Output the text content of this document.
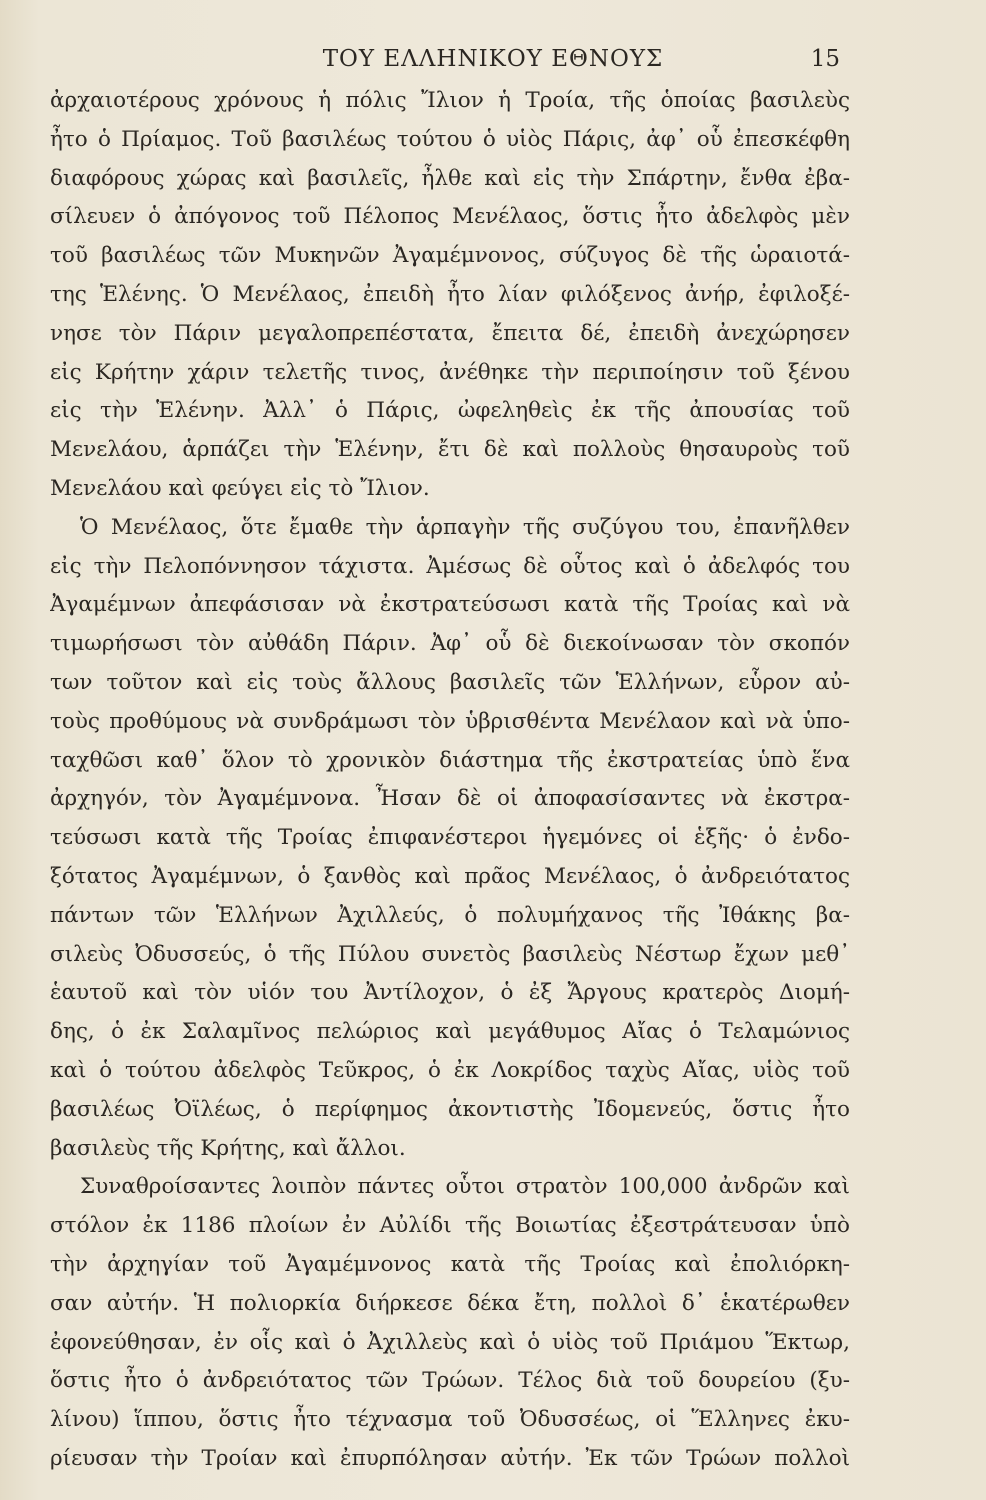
ΤΟΥ ΕΛΛΗΝΙΚΟΥ ΕΘΝΟΥΣ	15
ἀρχαιοτέρους χρόνους ἡ πόλις Ἴλιον ἡ Τροία, τῆς ὁποίας βασιλεὺς
ἦτο ὁ Πρίαμος. Τοῦ βασιλέως τούτου ὁ υἱὸς Πάρις, ἀφ᾽ οὗ ἐπεσκέφθη
διαφόρους χώρας καὶ βασιλεῖς, ἦλθε καὶ εἰς τὴν Σπάρτην, ἔνθα ἐβα-
σίλευεν ὁ ἀπόγονος τοῦ Πέλοπος Μενέλαος, ὅστις ἦτο ἀδελφὸς μὲν
τοῦ βασιλέως τῶν Μυκηνῶν Ἀγαμέμνονος, σύζυγος δὲ τῆς ὡραιοτά-
της Ἑλένης. Ὁ Μενέλαος, ἐπειδὴ ἦτο λίαν φιλόξενος ἀνήρ, ἐφιλοξέ-
νησε τὸν Πάριν μεγαλοπρεπέστατα, ἔπειτα δέ, ἐπειδὴ ἀνεχώρησεν
εἰς Κρήτην χάριν τελετῆς τινος, ἀνέθηκε τὴν περιποίησιν τοῦ ξένου
εἰς τὴν Ἑλένην. Ἀλλ᾽ ὁ Πάρις, ὠφεληθεὶς ἐκ τῆς ἀπουσίας τοῦ
Μενελάου, ἁρπάζει τὴν Ἑλένην, ἔτι δὲ καὶ πολλοὺς θησαυροὺς τοῦ
Μενελάου καὶ φεύγει εἰς τὸ Ἴλιον.
Ὁ Μενέλαος, ὅτε ἔμαθε τὴν ἁρπαγὴν τῆς συζύγου του, ἐπανῆλθεν
εἰς τὴν Πελοπόννησον τάχιστα. Ἀμέσως δὲ οὗτος καὶ ὁ ἀδελφός του
Ἀγαμέμνων ἀπεφάσισαν νὰ ἐκστρατεύσωσι κατὰ τῆς Τροίας καὶ νὰ
τιμωρήσωσι τὸν αὐθάδη Πάριν. Ἀφ᾽ οὗ δὲ διεκοίνωσαν τὸν σκοπόν
των τοῦτον καὶ εἰς τοὺς ἄλλους βασιλεῖς τῶν Ἑλλήνων, εὗρον αὐ-
τοὺς προθύμους νὰ συνδράμωσι τὸν ὑβρισθέντα Μενέλαον καὶ νὰ ὑπο-
ταχθῶσι καθ᾽ ὅλον τὸ χρονικὸν διάστημα τῆς ἐκστρατείας ὑπὸ ἕνα
ἀρχηγόν, τὸν Ἀγαμέμνονα. Ἦσαν δὲ οἱ ἀποφασίσαντες νὰ ἐκστρα-
τεύσωσι κατὰ τῆς Τροίας ἐπιφανέστεροι ἡγεμόνες οἱ ἑξῆς· ὁ ἐνδο-
ξότατος Ἀγαμέμνων, ὁ ξανθὸς καὶ πρᾶος Μενέλαος, ὁ ἀνδρειότατος
πάντων τῶν Ἑλλήνων Ἀχιλλεύς, ὁ πολυμήχανος τῆς Ἰθάκης βα-
σιλεὺς Ὀδυσσεύς, ὁ τῆς Πύλου συνετὸς βασιλεὺς Νέστωρ ἔχων μεθ᾽
ἑαυτοῦ καὶ τὸν υἱόν του Ἀντίλοχον, ὁ ἐξ Ἄργους κρατερὸς Διομή-
δης, ὁ ἐκ Σαλαμῖνος πελώριος καὶ μεγάθυμος Αἴας ὁ Τελαμώνιος
καὶ ὁ τούτου ἀδελφὸς Τεῦκρος, ὁ ἐκ Λοκρίδος ταχὺς Αἴας, υἱὸς τοῦ
βασιλέως Ὀϊλέως, ὁ περίφημος ἀκοντιστὴς Ἰδομενεύς, ὅστις ἦτο
βασιλεὺς τῆς Κρήτης, καὶ ἄλλοι.
Συναθροίσαντες λοιπὸν πάντες οὗτοι στρατὸν 100,000 ἀνδρῶν καὶ
στόλον ἐκ 1186 πλοίων ἐν Αὐλίδι τῆς Βοιωτίας ἐξεστράτευσαν ὑπὸ
τὴν ἀρχηγίαν τοῦ Ἀγαμέμνονος κατὰ τῆς Τροίας καὶ ἐπολιόρκη-
σαν αὐτήν. Ἡ πολιορκία διήρκεσε δέκα ἔτη, πολλοὶ δ᾽ ἑκατέρωθεν
ἐφονεύθησαν, ἐν οἷς καὶ ὁ Ἀχιλλεὺς καὶ ὁ υἱὸς τοῦ Πριάμου Ἕκτωρ,
ὅστις ἦτο ὁ ἀνδρειότατος τῶν Τρώων. Τέλος διὰ τοῦ δουρείου (ξυ-
λίνου) ἵππου, ὅστις ἦτο τέχνασμα τοῦ Ὀδυσσέως, οἱ Ἕλληνες ἐκυ-
ρίευσαν τὴν Τροίαν καὶ ἐπυρπόλησαν αὐτήν. Ἐκ τῶν Τρώων πολλοὶ
